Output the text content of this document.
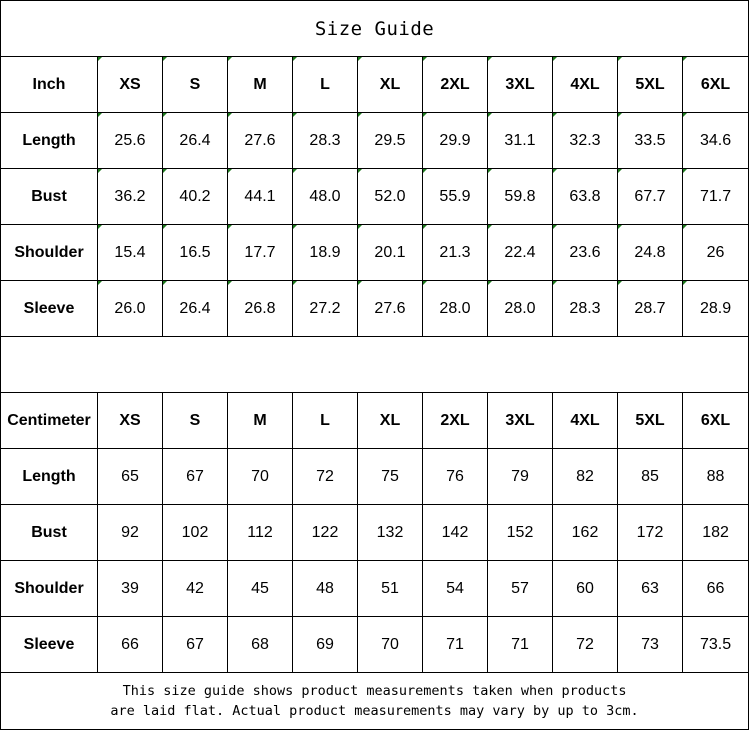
Size Guide										
Inch	XS	S	M	L	XL	2XL	3XL	4XL	5XL	6XL
Length	25.6	26.4	27.6	28.3	29.5	29.9	31.1	32.3	33.5	34.6
Bust	36.2	40.2	44.1	48.0	52.0	55.9	59.8	63.8	67.7	71.7
Shoulder	15.4	16.5	17.7	18.9	20.1	21.3	22.4	23.6	24.8	26
Sleeve	26.0	26.4	26.8	27.2	27.6	28.0	28.0	28.3	28.7	28.9

Centimeter	XS	S	M	L	XL	2XL	3XL	4XL	5XL	6XL
Length	65	67	70	72	75	76	79	82	85	88
Bust	92	102	112	122	132	142	152	162	172	182
Shoulder	39	42	45	48	51	54	57	60	63	66
Sleeve	66	67	68	69	70	71	71	72	73	73.5

This size guide shows product measurements taken when products
are laid flat. Actual product measurements may vary by up to 3cm.										
